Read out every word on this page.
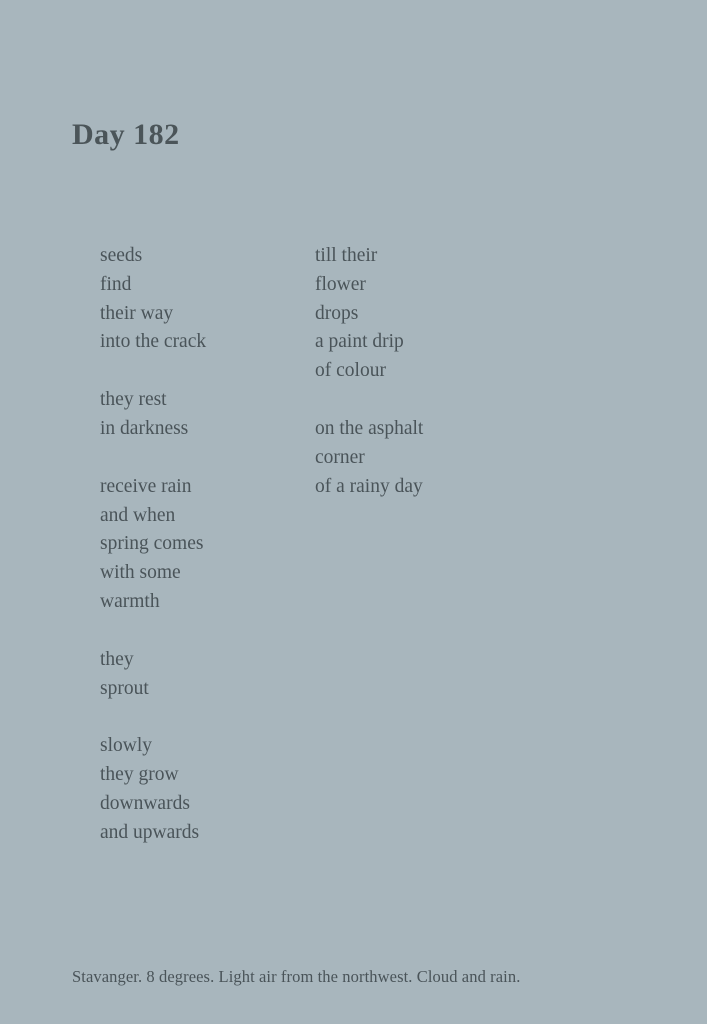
Day 182
seeds
find
their way
into the crack
till their
flower
drops
a paint drip
of colour
they rest
in darkness
	on the asphalt
corner
of a rainy day
receive rain
and when
spring comes
with some
warmth
they
sprout
slowly
they grow
downwards
and upwards
Stavanger. 8 degrees. Light air from the northwest. Cloud and rain.
